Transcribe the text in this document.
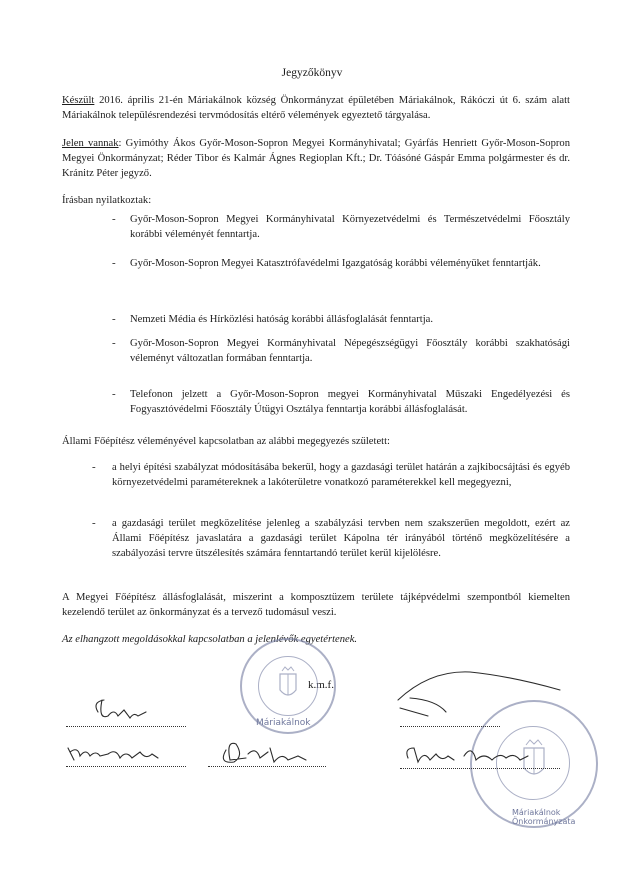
Jegyzőkönyv
Készült 2016. április 21-én Máriakálnok község Önkormányzat épületében Máriakálnok, Rákóczi út 6. szám alatt Máriakálnok településrendezési tervmódosítás eltérő vélemények egyeztető tárgyalása.
Jelen vannak: Gyimóthy Ákos Győr-Moson-Sopron Megyei Kormányhivatal; Gyárfás Henriett Győr-Moson-Sopron Megyei Önkormányzat; Réder Tibor és Kalmár Ágnes Regioplan Kft.; Dr. Tóásóné Gáspár Emma polgármester és dr. Kránitz Péter jegyző.
Írásban nyilatkoztak:
- Győr-Moson-Sopron Megyei Kormányhivatal Környezetvédelmi és Természetvédelmi Főosztály korábbi véleményét fenntartja.
- Győr-Moson-Sopron Megyei Katasztrófavédelmi Igazgatóság korábbi véleményüket fenntartják.
- Nemzeti Média és Hírközlési hatóság korábbi állásfoglalását fenntartja.
- Győr-Moson-Sopron Megyei Kormányhivatal Népegészségügyi Főosztály korábbi szakhatósági véleményt változatlan formában fenntartja.
- Telefonon jelzett a Győr-Moson-Sopron megyei Kormányhivatal Műszaki Engedélyezési és Fogyasztóvédelmi Főosztály Útügyi Osztálya fenntartja korábbi állásfoglalását.
Állami Főépítész véleményével kapcsolatban az alábbi megegyezés született:
- a helyi építési szabályzat módosításába bekerül, hogy a gazdasági terület határán a zajkibocsájtási és egyéb környezetvédelmi paramétereknek a lakóterületre vonatkozó paraméterekkel kell megegyezni,
- a gazdasági terület megközelítése jelenleg a szabályzási tervben nem szakszerűen megoldott, ezért az Állami Főépítész javaslatára a gazdasági terület Kápolna tér irányából történő megközelítésére a szabályozási tervre ütszélesítés számára fenntartandó terület kerül kijelölésre.
A Megyei Főépítész állásfoglalását, miszerint a komposztüzem területe tájképvédelmi szempontból kiemelten kezelendő terület az önkormányzat és a tervező tudomásul veszi.
Az elhangzott megoldásokkal kapcsolatban a jelenlévők egyetértenek.
k.m.f.
Máriakálnok
Máriakálnok Önkormányzata
